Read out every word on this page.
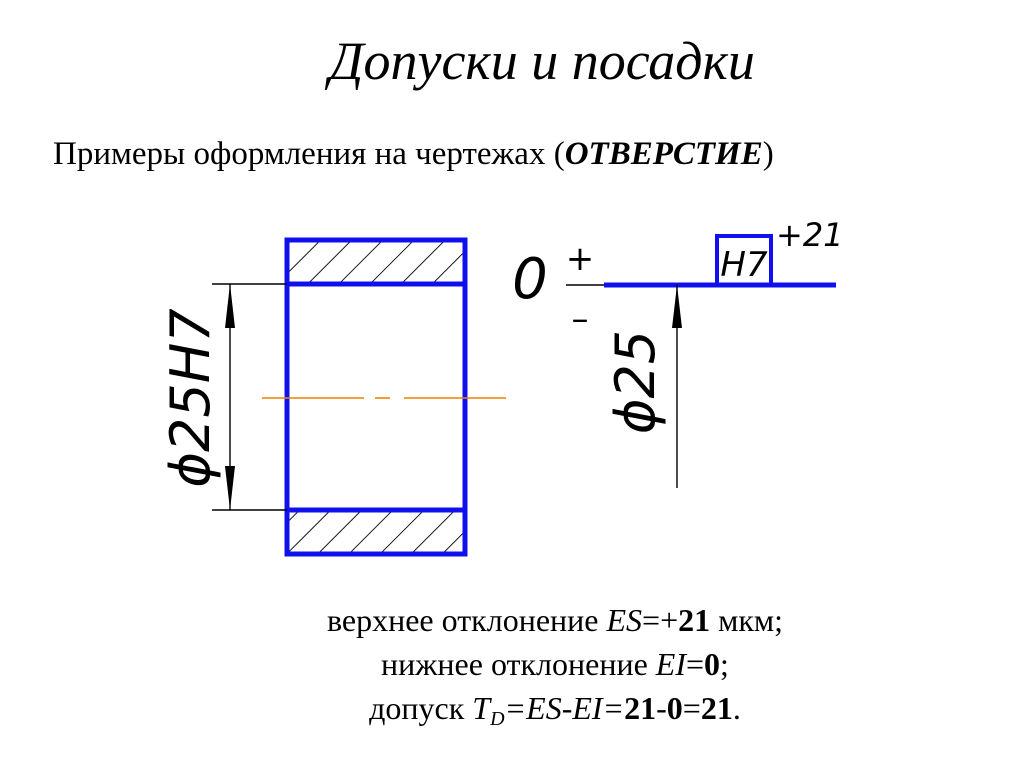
Допуски и посадки
Примеры оформления на чертежах (ОТВЕРСТИЕ)
ϕ25H7
0 +
–
H7
+21
ϕ25
верхнее отклонение ES=+21 мкм;
нижнее отклонение EI=0;
допуск $T_D=ES-EI=21-0=21$.
